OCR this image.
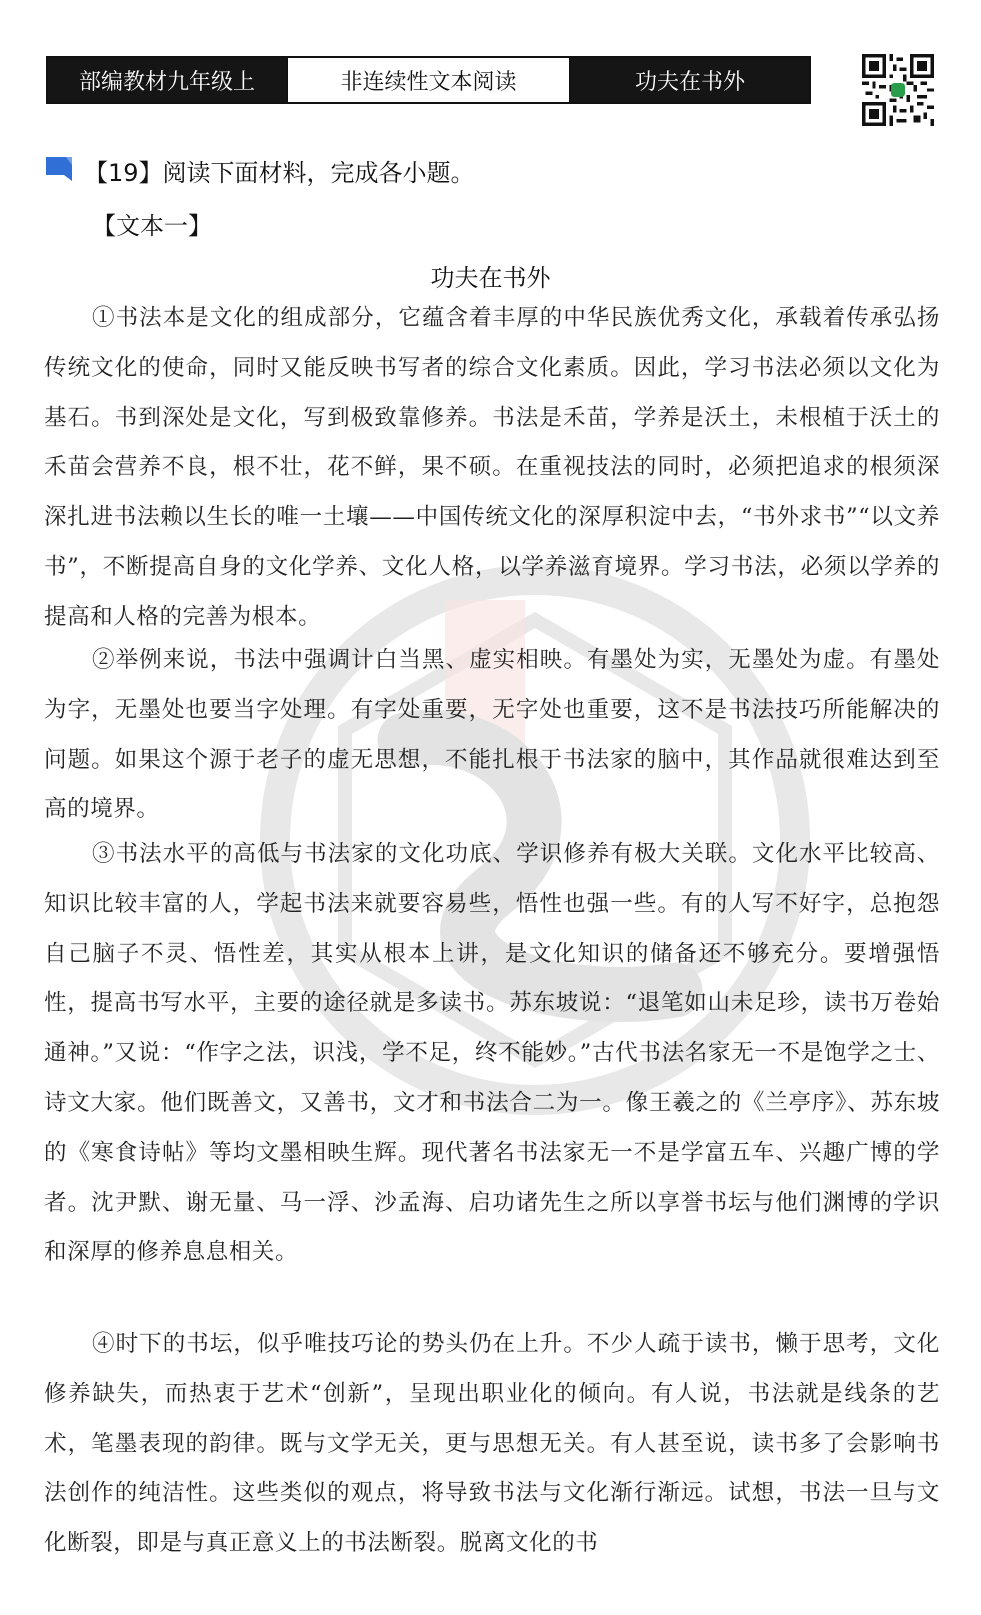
部编教材九年级上	非连续性文本阅读	功夫在书外
【19】阅读下面材料，完成各小题。
【文本一】
功夫在书外

①书法本是文化的组成部分，它蕴含着丰厚的中华民族优秀文化，承载着传承弘扬传统文化的使命，同时又能反映书写者的综合文化素质。因此，学习书法必须以文化为基石。书到深处是文化，写到极致靠修养。书法是禾苗，学养是沃土，未根植于沃土的禾苗会营养不良，根不壮，花不鲜，果不硕。在重视技法的同时，必须把追求的根须深深扎进书法赖以生长的唯一土壤——中国传统文化的深厚积淀中去，“书外求书”“以文养书”，不断提高自身的文化学养、文化人格，以学养滋育境界。学习书法，必须以学养的提高和人格的完善为根本。

②举例来说，书法中强调计白当黑、虚实相映。有墨处为实，无墨处为虚。有墨处为字，无墨处也要当字处理。有字处重要，无字处也重要，这不是书法技巧所能解决的问题。如果这个源于老子的虚无思想，不能扎根于书法家的脑中，其作品就很难达到至高的境界。

③书法水平的高低与书法家的文化功底、学识修养有极大关联。文化水平比较高、知识比较丰富的人，学起书法来就要容易些，悟性也强一些。有的人写不好字，总抱怨自己脑子不灵、悟性差，其实从根本上讲，是文化知识的储备还不够充分。要增强悟性，提高书写水平，主要的途径就是多读书。苏东坡说：“退笔如山未足珍，读书万卷始通神。”又说：“作字之法，识浅，学不足，终不能妙。”古代书法名家无一不是饱学之士、诗文大家。他们既善文，又善书，文才和书法合二为一。像王羲之的《兰亭序》、苏东坡的《寒食诗帖》等均文墨相映生辉。现代著名书法家无一不是学富五车、兴趣广博的学者。沈尹默、谢无量、马一浮、沙孟海、启功诸先生之所以享誉书坛与他们渊博的学识和深厚的修养息息相关。

④时下的书坛，似乎唯技巧论的势头仍在上升。不少人疏于读书，懒于思考，文化修养缺失，而热衷于艺术“创新”，呈现出职业化的倾向。有人说，书法就是线条的艺术，笔墨表现的韵律。既与文学无关，更与思想无关。有人甚至说，读书多了会影响书法创作的纯洁性。这些类似的观点，将导致书法与文化渐行渐远。试想，书法一旦与文化断裂，即是与真正意义上的书法断裂。脱离文化的书
